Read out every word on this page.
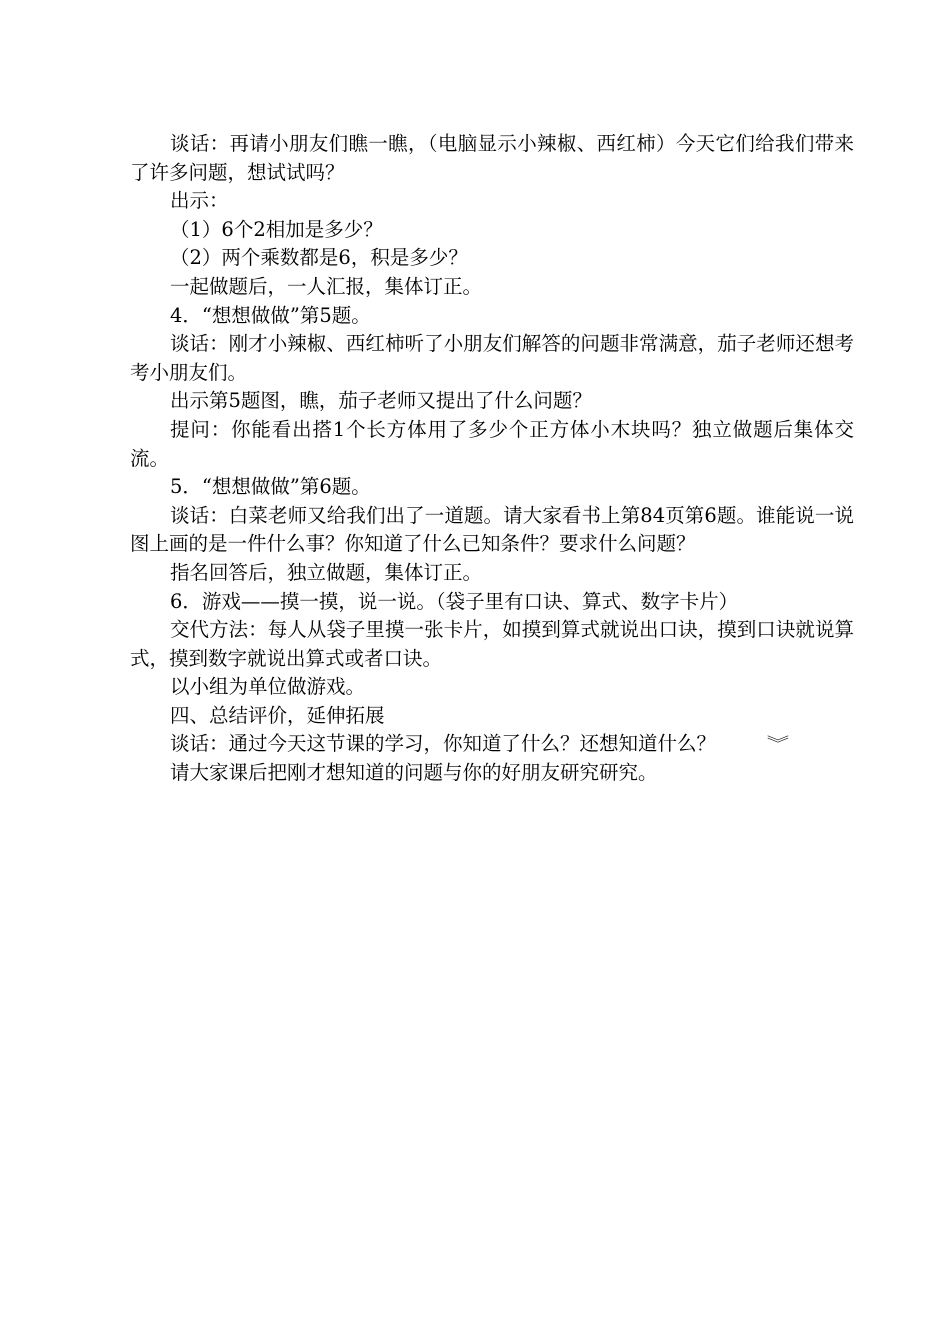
谈话：再请小朋友们瞧一瞧，（电脑显示小辣椒、西红柿）今天它们给我们带来了许多问题，想试试吗？

出示：

（1）6个2相加是多少？

（2）两个乘数都是6，积是多少？

一起做题后，一人汇报，集体订正。

4．“想想做做”第5题。

谈话：刚才小辣椒、西红柿听了小朋友们解答的问题非常满意，茄子老师还想考考小朋友们。

出示第5题图，瞧，茄子老师又提出了什么问题？

提问：你能看出搭1个长方体用了多少个正方体小木块吗？独立做题后集体交流。

5．“想想做做”第6题。

谈话：白菜老师又给我们出了一道题。请大家看书上第84页第6题。谁能说一说图上画的是一件什么事？你知道了什么已知条件？要求什么问题？

指名回答后，独立做题，集体订正。

6．游戏——摸一摸，说一说。（袋子里有口诀、算式、数字卡片）

交代方法：每人从袋子里摸一张卡片，如摸到算式就说出口诀，摸到口诀就说算式，摸到数字就说出算式或者口诀。

以小组为单位做游戏。

四、总结评价，延伸拓展

谈话：通过今天这节课的学习，你知道了什么？还想知道什么？	︾

请大家课后把刚才想知道的问题与你的好朋友研究研究。
